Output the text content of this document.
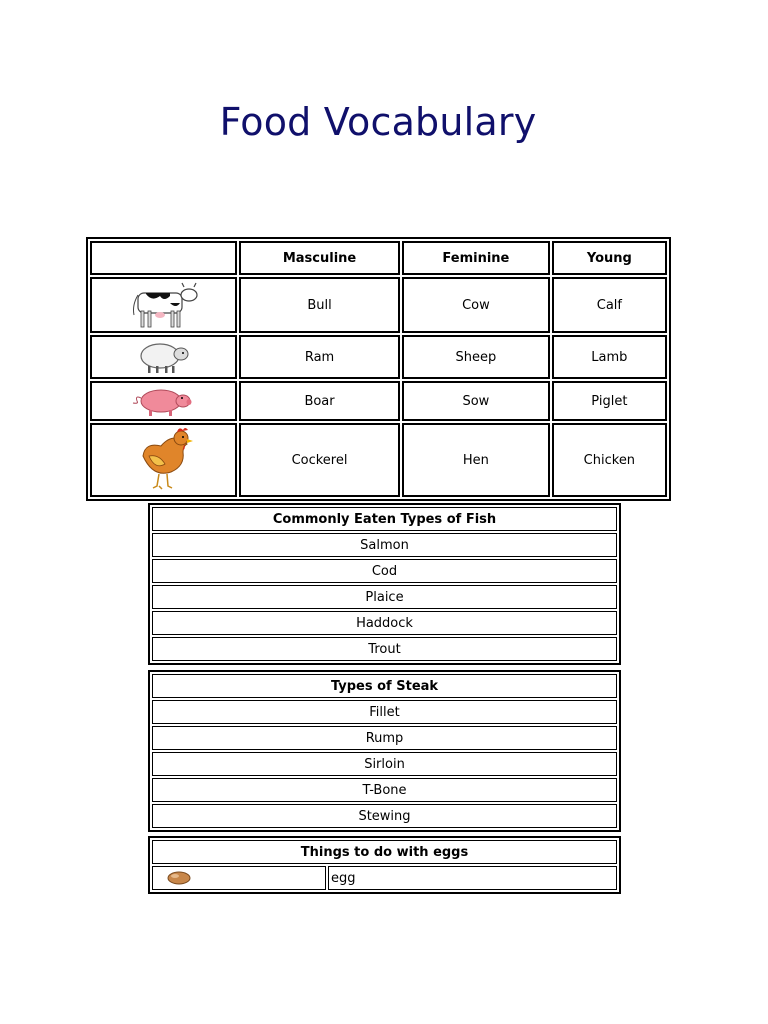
Food Vocabulary
	Masculine	Feminine	Young

	Bull	Cow	Calf

	Ram	Sheep	Lamb

	Boar	Sow	Piglet

	Cockerel	Hen	Chicken
Commonly Eaten Types of Fish
Salmon
Cod
Plaice
Haddock
Trout
Types of Steak
Fillet
Rump
Sirloin
T-Bone
Stewing
Things to do with eggs

	egg
